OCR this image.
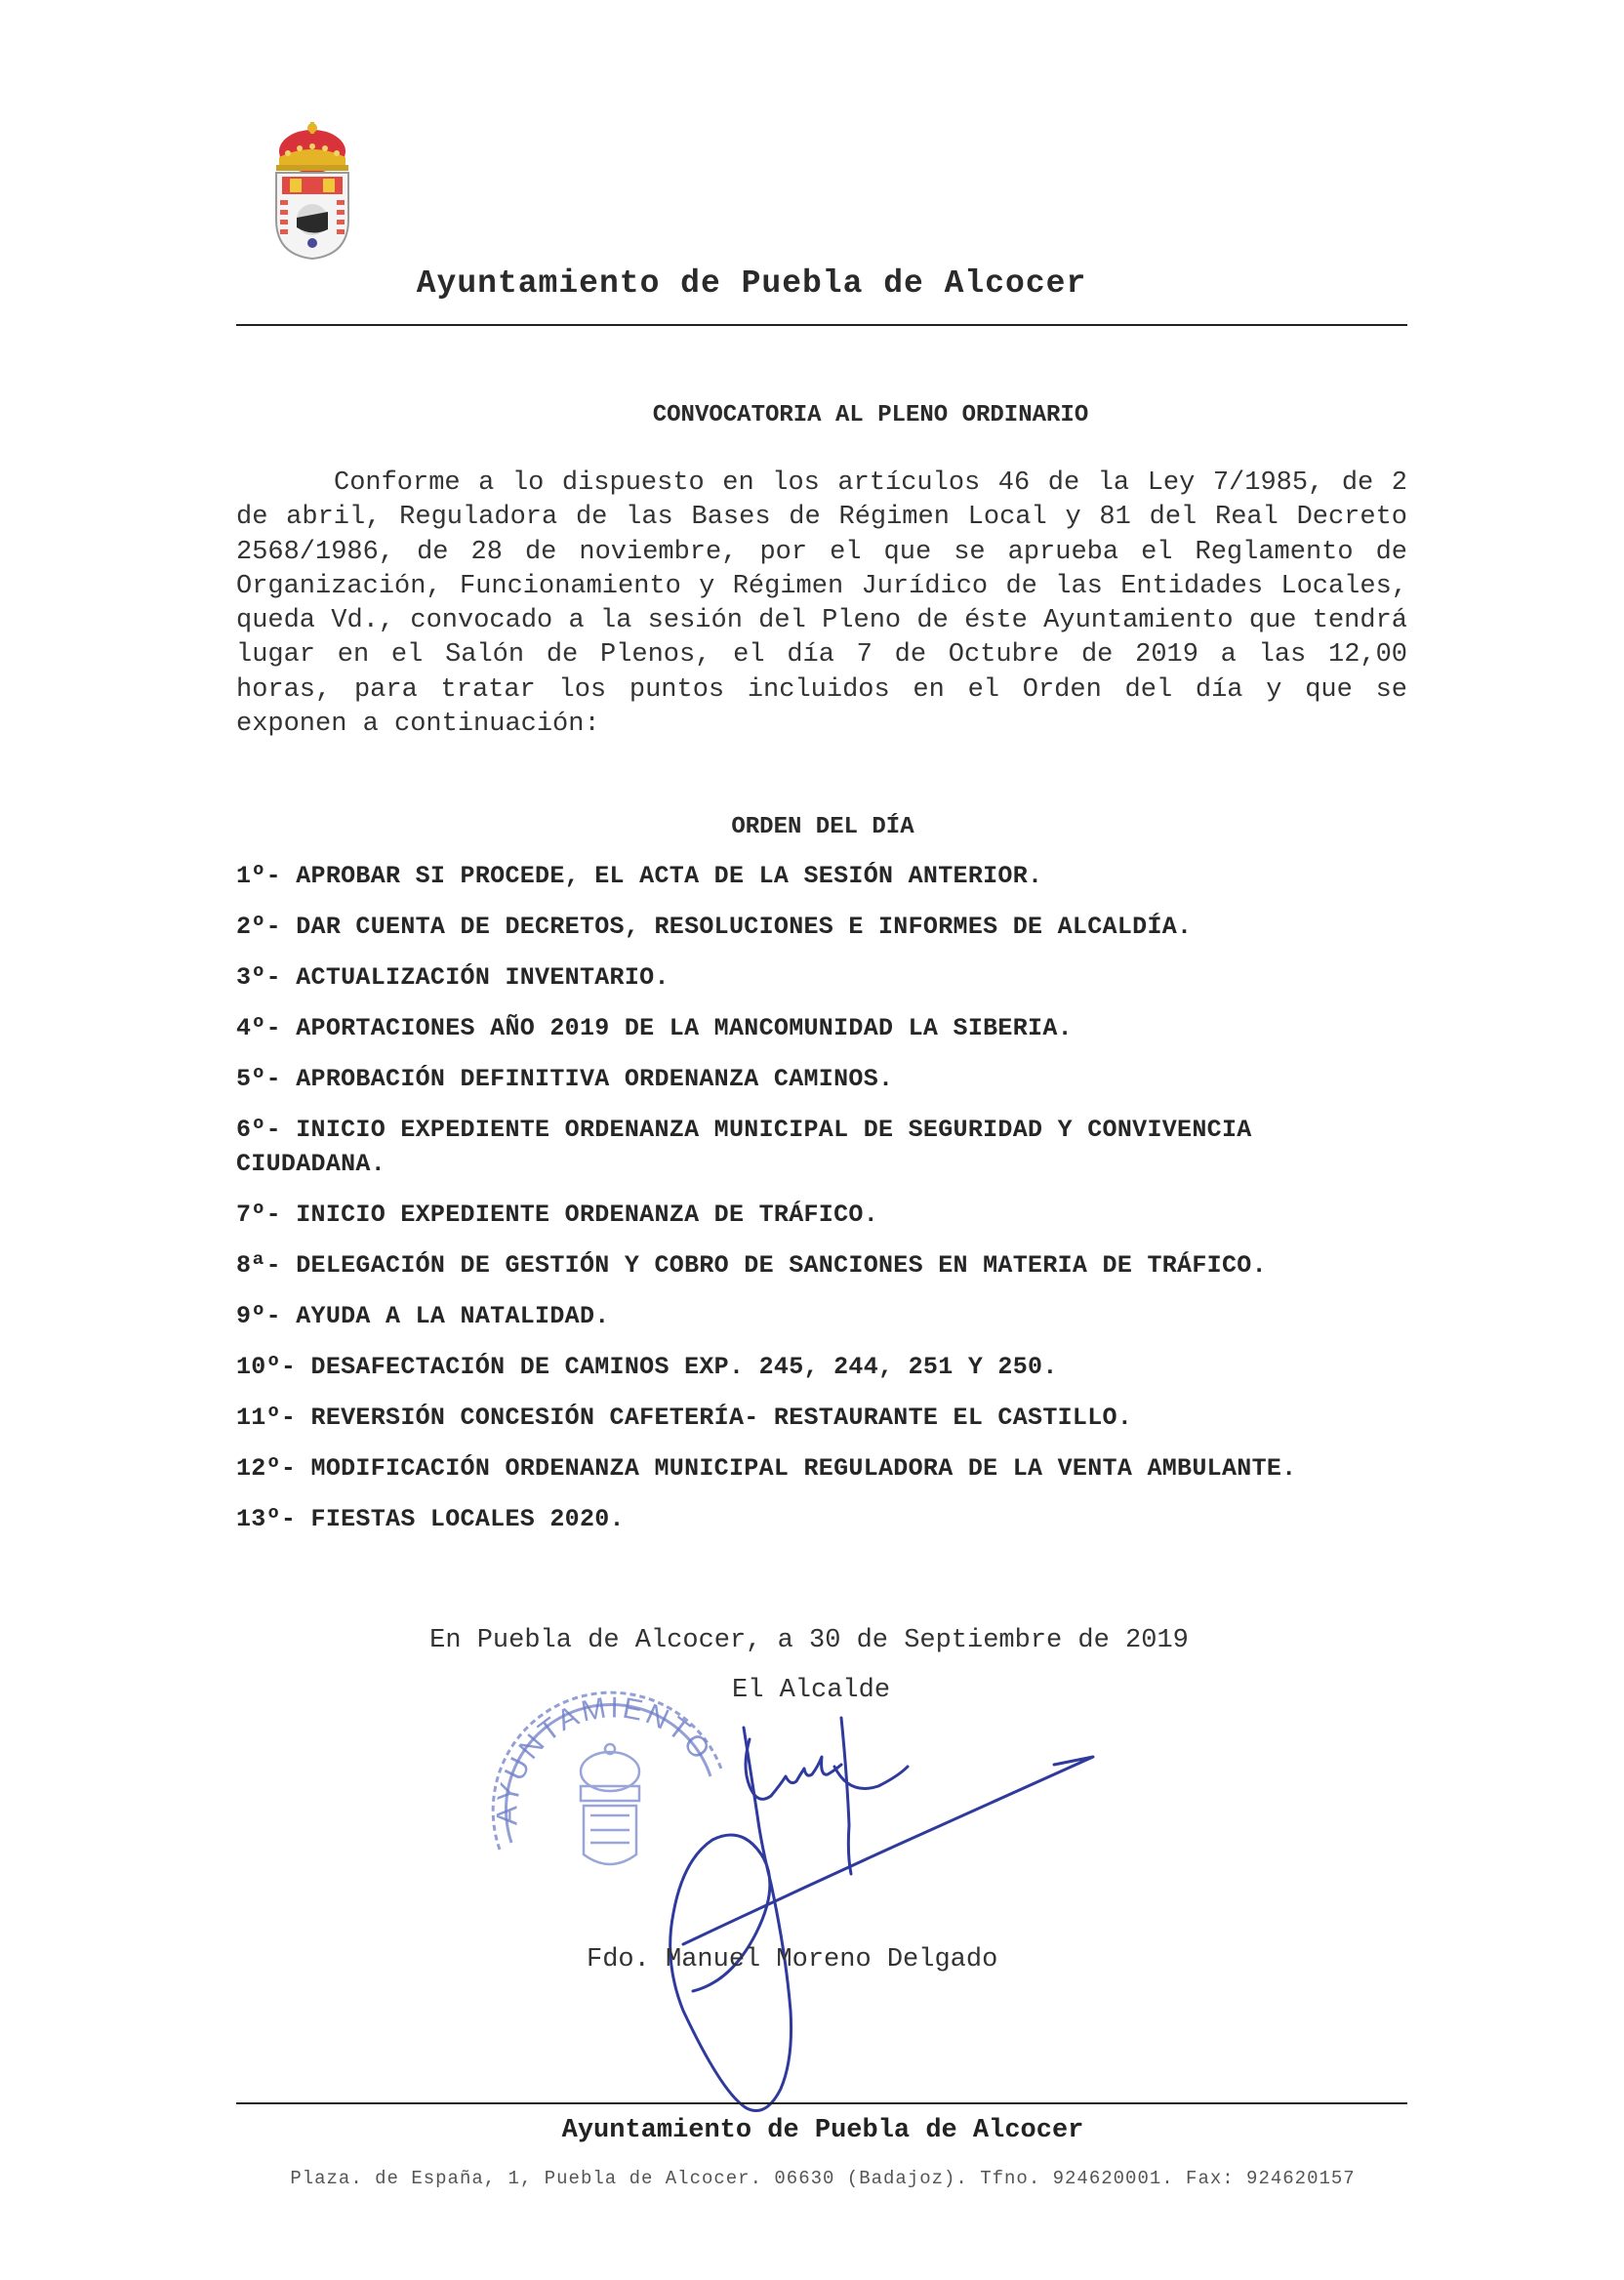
Ayuntamiento de Puebla de Alcocer
CONVOCATORIA AL PLENO ORDINARIO
Conforme a lo dispuesto en los artículos 46 de la Ley 7/1985, de 2 de abril, Reguladora de las Bases de Régimen Local y 81 del Real Decreto 2568/1986, de 28 de noviembre, por el que se aprueba el Reglamento de Organización, Funcionamiento y Régimen Jurídico de las Entidades Locales, queda Vd., convocado a la sesión del Pleno de éste Ayuntamiento que tendrá lugar en el Salón de Plenos, el día 7 de Octubre de 2019 a las 12,00 horas, para tratar los puntos incluidos en el Orden del día y que se exponen a continuación:
ORDEN DEL DÍA
1º- APROBAR SI PROCEDE, EL ACTA DE LA SESIÓN ANTERIOR.
2º- DAR CUENTA DE DECRETOS, RESOLUCIONES E INFORMES DE ALCALDÍA.
3º- ACTUALIZACIÓN INVENTARIO.
4º- APORTACIONES AÑO 2019 DE LA MANCOMUNIDAD LA SIBERIA.
5º- APROBACIÓN DEFINITIVA ORDENANZA CAMINOS.
6º- INICIO EXPEDIENTE ORDENANZA MUNICIPAL DE SEGURIDAD Y CONVIVENCIA CIUDADANA.
7º- INICIO EXPEDIENTE ORDENANZA DE TRÁFICO.
8ª- DELEGACIÓN DE GESTIÓN Y COBRO DE SANCIONES EN MATERIA DE TRÁFICO.
9º- AYUDA A LA NATALIDAD.
10º- DESAFECTACIÓN DE CAMINOS EXP. 245, 244, 251 Y 250.
11º- REVERSIÓN CONCESIÓN CAFETERÍA- RESTAURANTE EL CASTILLO.
12º- MODIFICACIÓN ORDENANZA MUNICIPAL REGULADORA DE LA VENTA AMBULANTE.
13º- FIESTAS LOCALES 2020.
En Puebla de Alcocer, a 30 de Septiembre de 2019
El Alcalde
AYUNTAMIENTO
Fdo. Manuel Moreno Delgado
Ayuntamiento de Puebla de Alcocer
Plaza. de España, 1, Puebla de Alcocer. 06630 (Badajoz). Tfno. 924620001. Fax: 924620157
